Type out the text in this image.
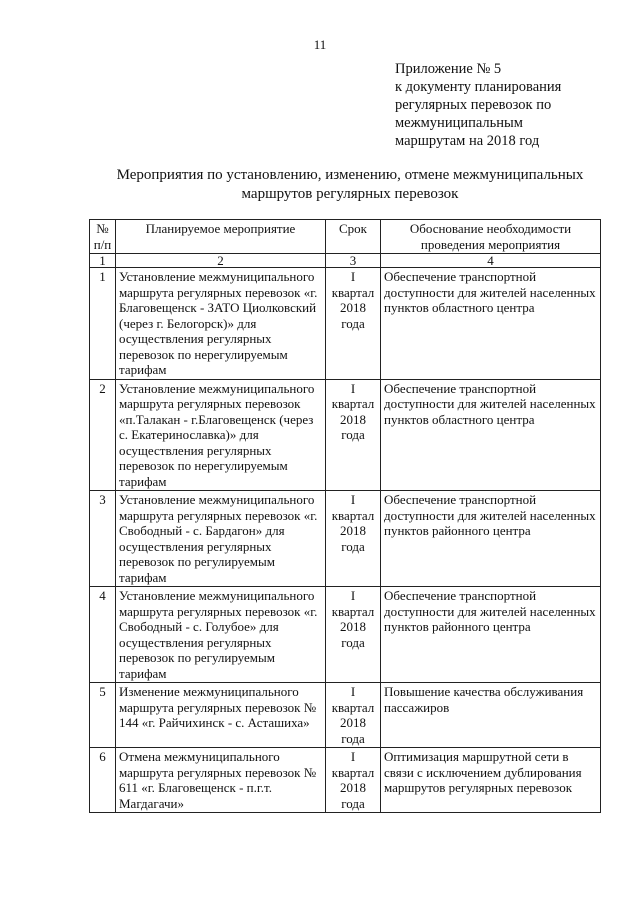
11
Приложение № 5
к документу планирования
регулярных перевозок по
межмуниципальным
маршрутам на 2018 год
Мероприятия по установлению, изменению, отмене межмуниципальных
маршрутов регулярных перевозок
№ п/п	Планируемое мероприятие	Срок	Обоснование необходимости проведения мероприятия
1	2	3	4
1	Установление межмуниципального маршрута регулярных перевозок «г. Благовещенск - ЗАТО Циолковский (через г. Белогорск)» для осуществления регулярных перевозок по нерегулируемым тарифам	I квартал 2018 года	Обеспечение транспортной доступности для жителей населенных пунктов областного центра
2	Установление межмуниципального маршрута регулярных перевозок «п.Талакан - г.Благовещенск (через с. Екатеринославка)» для осуществления регулярных перевозок по нерегулируемым тарифам	I квартал 2018 года	Обеспечение транспортной доступности для жителей населенных пунктов областного центра
3	Установление межмуниципального маршрута регулярных перевозок «г. Свободный - с. Бардагон» для осуществления регулярных перевозок по регулируемым тарифам	I квартал 2018 года	Обеспечение транспортной доступности для жителей населенных пунктов районного центра
4	Установление межмуниципального маршрута регулярных перевозок «г. Свободный - с. Голубое» для осуществления регулярных перевозок по регулируемым тарифам	I квартал 2018 года	Обеспечение транспортной доступности для жителей населенных пунктов районного центра
5	Изменение межмуниципального маршрута регулярных перевозок № 144 «г. Райчихинск - с. Асташиха»	I квартал 2018 года	Повышение качества обслуживания пассажиров
6	Отмена межмуниципального маршрута регулярных перевозок № 611 «г. Благовещенск - п.г.т. Магдагачи»	I квартал 2018 года	Оптимизация маршрутной сети в связи с исключением дублирования маршрутов регулярных перевозок
